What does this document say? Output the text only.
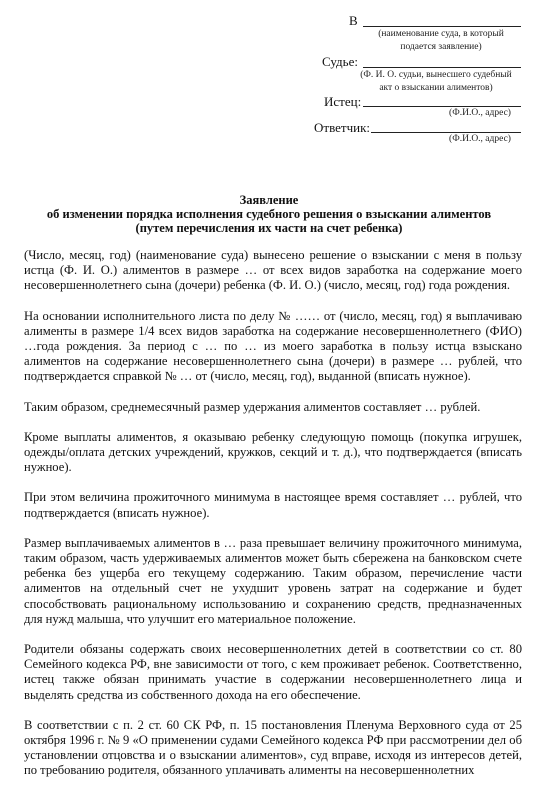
В
(наименование суда, в который
подается заявление)
Судье:
(Ф. И. О. судьи, вынесшего судебный
акт о взыскании алиментов)
Истец:
(Ф.И.О., адрес)
Ответчик:
(Ф.И.О., адрес)
Заявление
об изменении порядка исполнения судебного решения о взыскании алиментов
(путем перечисления их части на счет ребенка)

(Число, месяц, год) (наименование суда) вынесено решение о взыскании с меня в пользу истца (Ф. И. О.) алиментов в размере … от всех видов заработка на содержание моего несовершеннолетнего сына (дочери) ребенка (Ф. И. О.) (число, месяц, год) года рождения.

На основании исполнительного листа по делу № …… от (число, месяц, год) я выплачиваю алименты в размере 1/4 всех видов заработка на содержание несовершеннолетнего (ФИО) …года рождения. За период с … по … из моего заработка в пользу истца взыскано алиментов на содержание несовершеннолетнего сына (дочери) в размере … рублей, что подтверждается справкой № … от (число, месяц, год), выданной (вписать нужное).

Таким образом, среднемесячный размер удержания алиментов составляет … рублей.

Кроме выплаты алиментов, я оказываю ребенку следующую помощь (покупка игрушек, одежды/оплата детских учреждений, кружков, секций и т. д.), что подтверждается (вписать нужное).

При этом величина прожиточного минимума в настоящее время составляет … рублей, что подтверждается (вписать нужное).

Размер выплачиваемых алиментов в … раза превышает величину прожиточного минимума, таким образом, часть удерживаемых алиментов может быть сбережена на банковском счете ребенка без ущерба его текущему содержанию. Таким образом, перечисление части алиментов на отдельный счет не ухудшит уровень затрат на содержание и будет способствовать рациональному использованию и сохранению средств, предназначенных для нужд малыша, что улучшит его материальное положение.

Родители обязаны содержать своих несовершеннолетних детей в соответствии со ст. 80 Семейного кодекса РФ, вне зависимости от того, с кем проживает ребенок. Соответственно, истец также обязан принимать участие в содержании несовершеннолетнего лица и выделять средства из собственного дохода на его обеспечение.

В соответствии с п. 2 ст. 60 СК РФ, п. 15 постановления Пленума Верховного суда от 25 октября 1996 г. № 9 «О применении судами Семейного кодекса РФ при рассмотрении дел об установлении отцовства и о взыскании алиментов», суд вправе, исходя из интересов детей, по требованию родителя, обязанного уплачивать алименты на несовершеннолетних
